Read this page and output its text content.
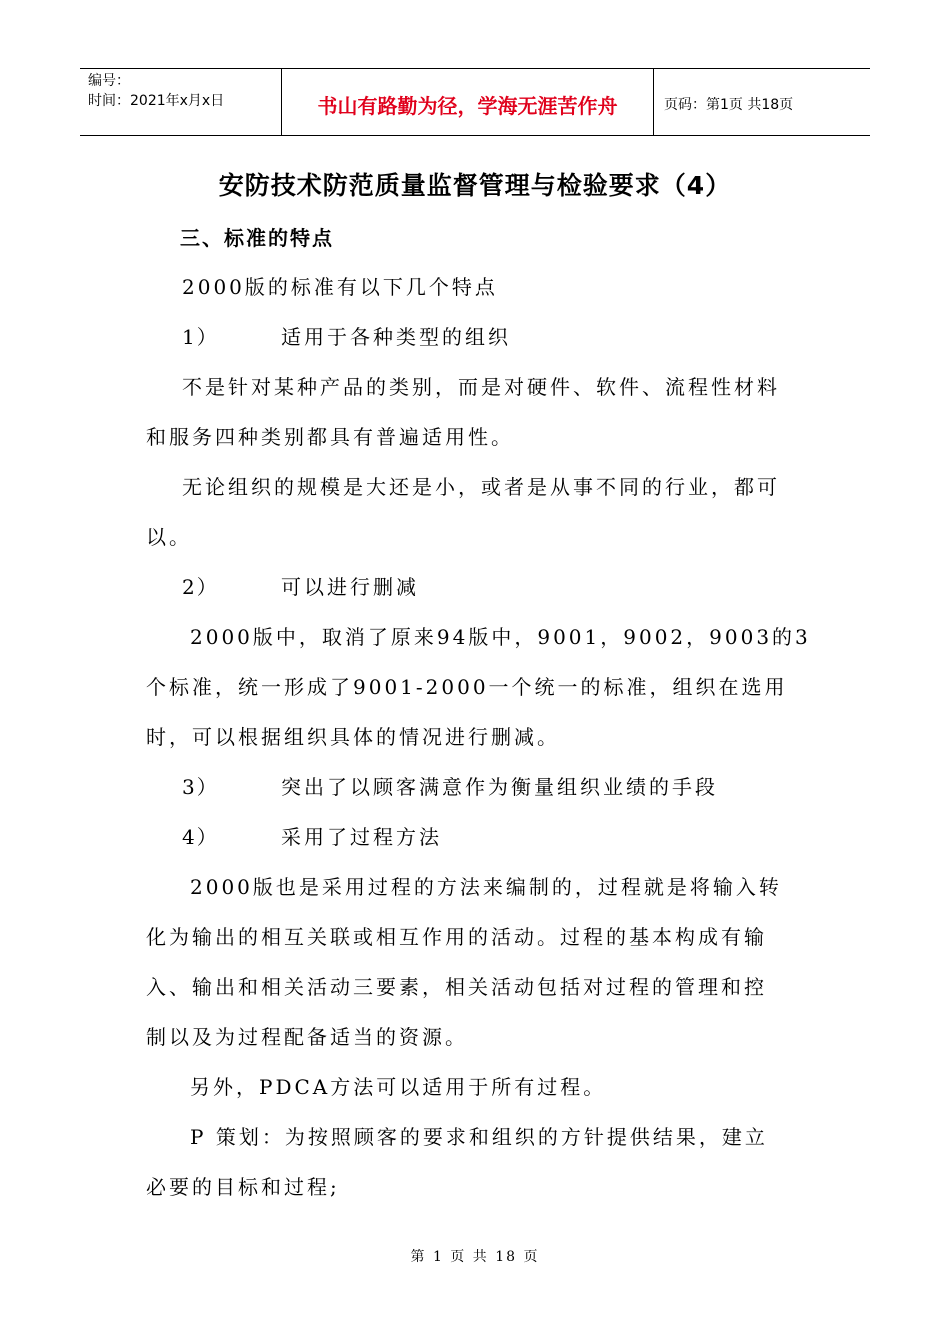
编号：
时间：2021年x月x日	书山有路勤为径，学海无涯苦作舟	页码：第1页 共18页
安防技术防范质量监督管理与检验要求（4）
三、标准的特点
2000版的标准有以下几个特点
1）	适用于各种类型的组织
不是针对某种产品的类别，而是对硬件、软件、流程性材料
和服务四种类别都具有普遍适用性。
无论组织的规模是大还是小，或者是从事不同的行业，都可
以。
2）	可以进行删减
2000版中，取消了原来94版中，9001，9002，9003的3
个标准，统一形成了9001-2000一个统一的标准，组织在选用
时，可以根据组织具体的情况进行删减。
3）	突出了以顾客满意作为衡量组织业绩的手段
4）	采用了过程方法
2000版也是采用过程的方法来编制的，过程就是将输入转
化为输出的相互关联或相互作用的活动。过程的基本构成有输
入、输出和相关活动三要素，相关活动包括对过程的管理和控
制以及为过程配备适当的资源。
另外，PDCA方法可以适用于所有过程。
P 策划：为按照顾客的要求和组织的方针提供结果，建立
必要的目标和过程;
第 1 页 共 18 页
